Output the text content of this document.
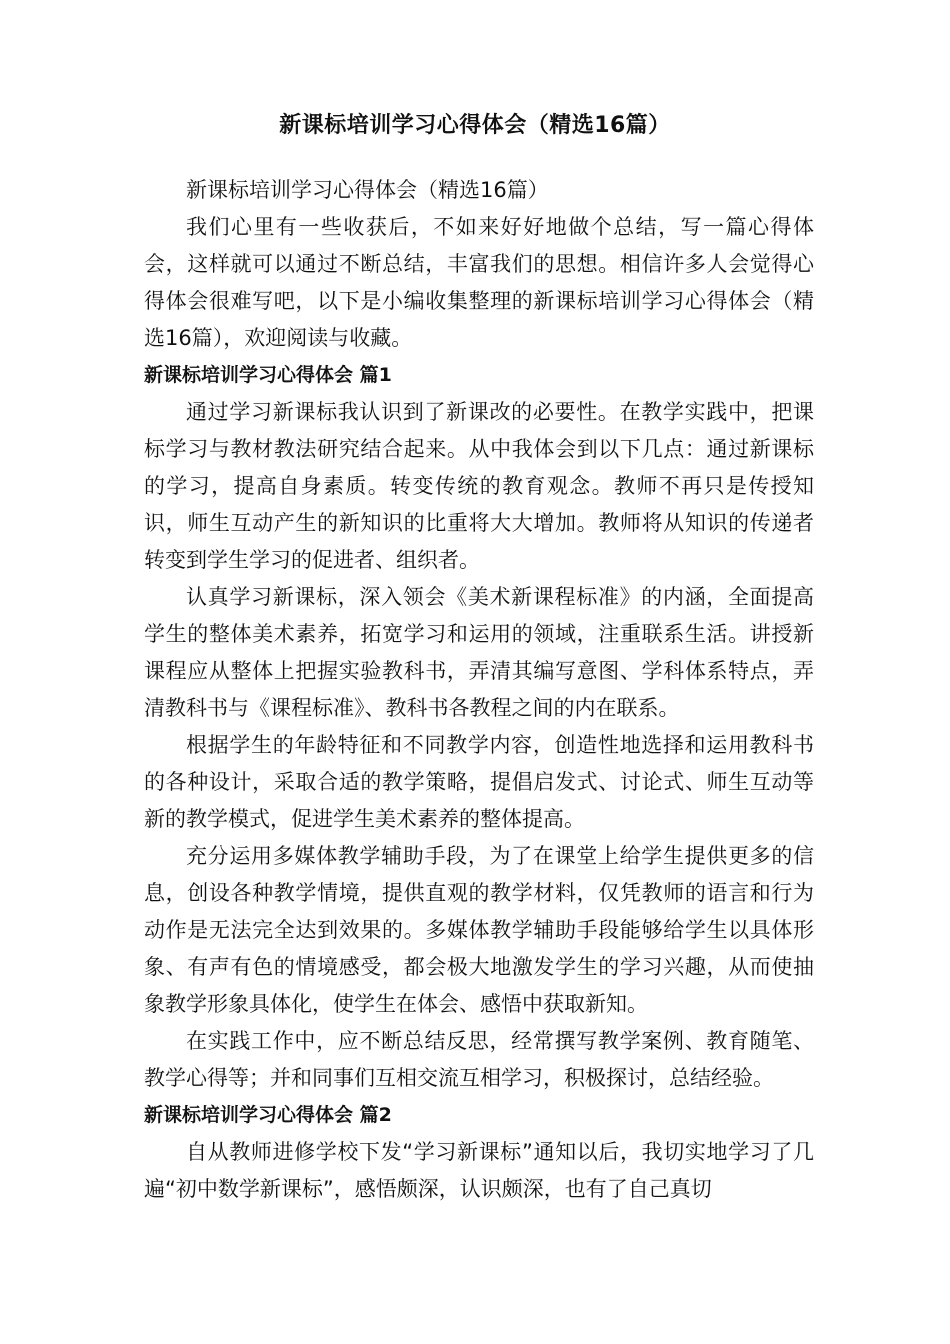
新课标培训学习心得体会（精选16篇）

新课标培训学习心得体会（精选16篇）

我们心里有一些收获后，不如来好好地做个总结，写一篇心得体会，这样就可以通过不断总结，丰富我们的思想。相信许多人会觉得心得体会很难写吧，以下是小编收集整理的新课标培训学习心得体会（精选16篇），欢迎阅读与收藏。

新课标培训学习心得体会 篇1

通过学习新课标我认识到了新课改的必要性。在教学实践中，把课标学习与教材教法研究结合起来。从中我体会到以下几点：通过新课标的学习，提高自身素质。转变传统的教育观念。教师不再只是传授知识，师生互动产生的新知识的比重将大大增加。教师将从知识的传递者转变到学生学习的促进者、组织者。

认真学习新课标，深入领会《美术新课程标准》的内涵，全面提高学生的整体美术素养，拓宽学习和运用的领域，注重联系生活。讲授新课程应从整体上把握实验教科书，弄清其编写意图、学科体系特点，弄清教科书与《课程标准》、教科书各教程之间的内在联系。

根据学生的年龄特征和不同教学内容，创造性地选择和运用教科书的各种设计，采取合适的教学策略，提倡启发式、讨论式、师生互动等新的教学模式，促进学生美术素养的整体提高。

充分运用多媒体教学辅助手段，为了在课堂上给学生提供更多的信息，创设各种教学情境，提供直观的教学材料，仅凭教师的语言和行为动作是无法完全达到效果的。多媒体教学辅助手段能够给学生以具体形象、有声有色的情境感受，都会极大地激发学生的学习兴趣，从而使抽象教学形象具体化，使学生在体会、感悟中获取新知。

在实践工作中，应不断总结反思，经常撰写教学案例、教育随笔、教学心得等；并和同事们互相交流互相学习，积极探讨，总结经验。

新课标培训学习心得体会 篇2

自从教师进修学校下发“学习新课标”通知以后，我切实地学习了几遍“初中数学新课标”，感悟颇深，认识颇深，也有了自己真切
